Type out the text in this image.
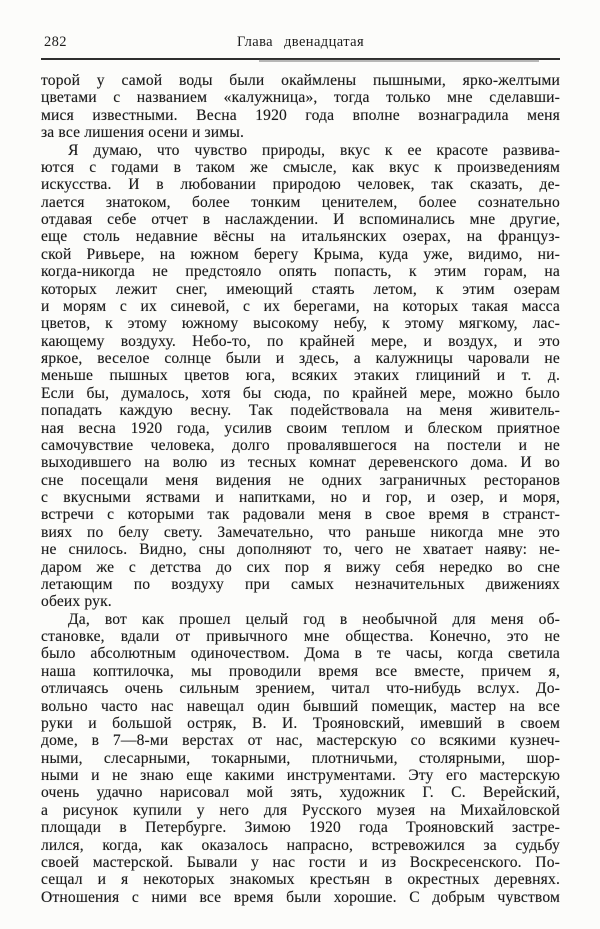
282	Глава двенадцатая
торой у самой воды были окаймлены пышными, ярко-желтыми
цветами с названием «калужница», тогда только мне сделавши-
мися известными. Весна 1920 года вполне вознаградила меня
за все лишения осени и зимы.
Я думаю, что чувство природы, вкус к ее красоте развива-
ются с годами в таком же смысле, как вкус к произведениям
искусства. И в любовании природою человек, так сказать, де-
лается знатоком, более тонким ценителем, более сознательно
отдавая себе отчет в наслаждении. И вспоминались мне другие,
еще столь недавние вёсны на итальянских озерах, на француз-
ской Ривьере, на южном берегу Крыма, куда уже, видимо, ни-
когда-никогда не предстояло опять попасть, к этим горам, на
которых лежит снег, имеющий стаять летом, к этим озерам
и морям с их синевой, с их берегами, на которых такая масса
цветов, к этому южному высокому небу, к этому мягкому, лас-
кающему воздуху. Небо-то, по крайней мере, и воздух, и это
яркое, веселое солнце были и здесь, а калужницы чаровали не
меньше пышных цветов юга, всяких этаких глициний и т. д.
Если бы, думалось, хотя бы сюда, по крайней мере, можно было
попадать каждую весну. Так подействовала на меня живитель-
ная весна 1920 года, усилив своим теплом и блеском приятное
самочувствие человека, долго провалявшегося на постели и не
выходившего на волю из тесных комнат деревенского дома. И во
сне посещали меня видения не одних заграничных ресторанов
с вкусными яствами и напитками, но и гор, и озер, и моря,
встречи с которыми так радовали меня в свое время в странст-
виях по белу свету. Замечательно, что раньше никогда мне это
не снилось. Видно, сны дополняют то, чего не хватает наяву: не-
даром же с детства до сих пор я вижу себя нередко во сне
летающим по воздуху при самых незначительных движениях
обеих рук.
Да, вот как прошел целый год в необычной для меня об-
становке, вдали от привычного мне общества. Конечно, это не
было абсолютным одиночеством. Дома в те часы, когда светила
наша коптилочка, мы проводили время все вместе, причем я,
отличаясь очень сильным зрением, читал что-нибудь вслух. До-
вольно часто нас навещал один бывший помещик, мастер на все
руки и большой остряк, В. И. Трояновский, имевший в своем
доме, в 7—8-ми верстах от нас, мастерскую со всякими кузнеч-
ными, слесарными, токарными, плотничьми, столярными, шор-
ными и не знаю еще какими инструментами. Эту его мастерскую
очень удачно нарисовал мой зять, художник Г. С. Верейский,
а рисунок купили у него для Русского музея на Михайловской
площади в Петербурге. Зимою 1920 года Трояновский застре-
лился, когда, как оказалось напрасно, встревожился за судьбу
своей мастерской. Бывали у нас гости и из Воскресенского. По-
сещал и я некоторых знакомых крестьян в окрестных деревнях.
Отношения с ними все время были хорошие. С добрым чувством
